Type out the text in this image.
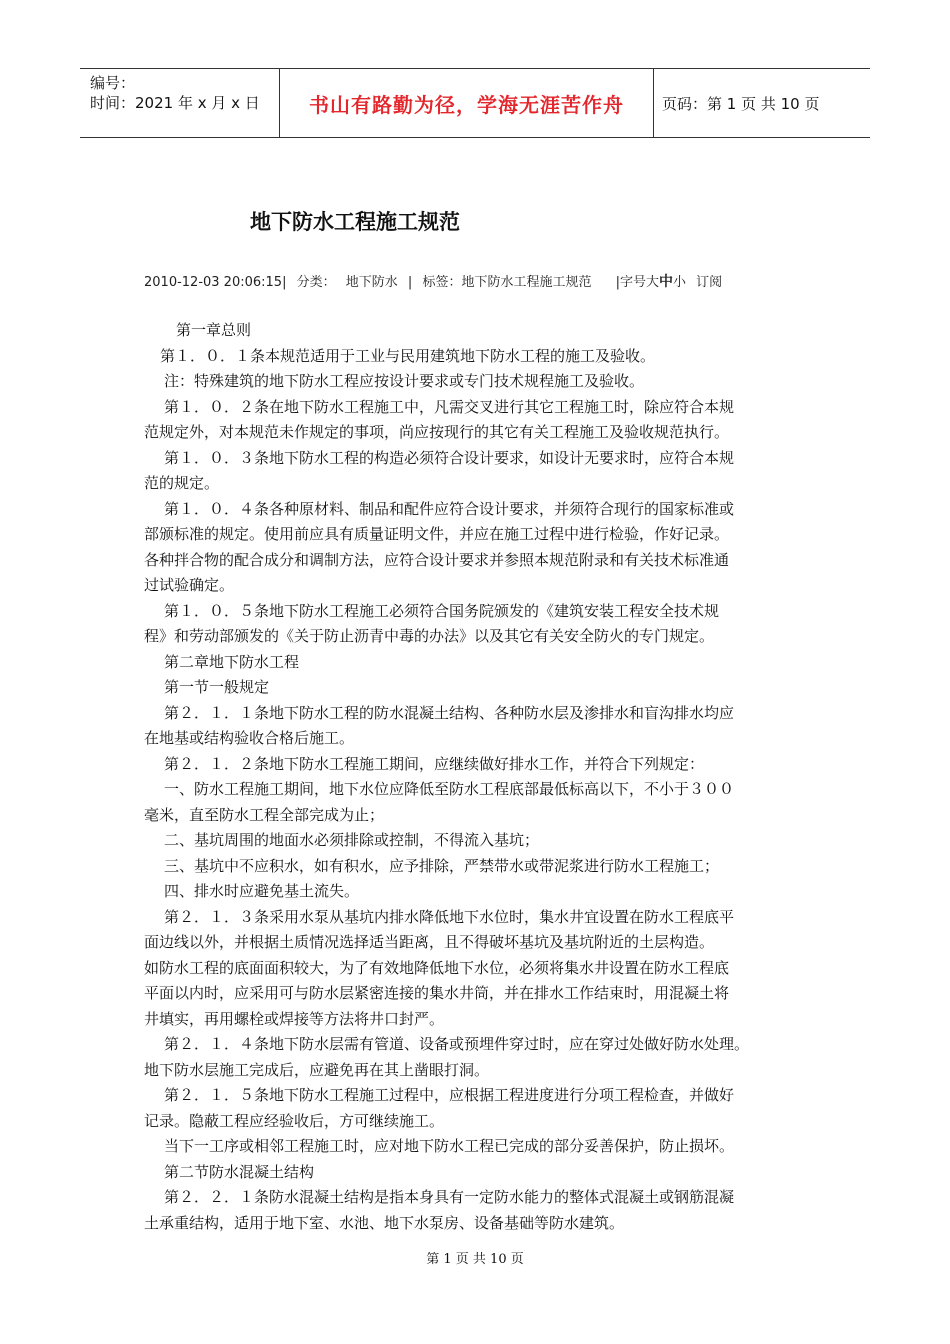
编号：
时间：2021 年 x 月 x 日	书山有路勤为径，学海无涯苦作舟	页码：第 1 页 共 10 页
地下防水工程施工规范
2010-12-03 20:06:15| 分类： 地下防水 | 标签：地下防水工程施工规范 |字号大中小 订阅
第一章总则
第１．０．１条本规范适用于工业与民用建筑地下防水工程的施工及验收。
注：特殊建筑的地下防水工程应按设计要求或专门技术规程施工及验收。
第１．０．２条在地下防水工程施工中，凡需交叉进行其它工程施工时，除应符合本规
范规定外，对本规范未作规定的事项，尚应按现行的其它有关工程施工及验收规范执行。
第１．０．３条地下防水工程的构造必须符合设计要求，如设计无要求时，应符合本规
范的规定。
第１．０．４条各种原材料、制品和配件应符合设计要求，并须符合现行的国家标准或
部颁标准的规定。使用前应具有质量证明文件，并应在施工过程中进行检验，作好记录。
各种拌合物的配合成分和调制方法，应符合设计要求并参照本规范附录和有关技术标准通
过试验确定。
第１．０．５条地下防水工程施工必须符合国务院颁发的《建筑安装工程安全技术规
程》和劳动部颁发的《关于防止沥青中毒的办法》以及其它有关安全防火的专门规定。
第二章地下防水工程
第一节一般规定
第２．１．１条地下防水工程的防水混凝土结构、各种防水层及渗排水和盲沟排水均应
在地基或结构验收合格后施工。
第２．１．２条地下防水工程施工期间，应继续做好排水工作，并符合下列规定：
一、防水工程施工期间，地下水位应降低至防水工程底部最低标高以下，不小于３００
毫米，直至防水工程全部完成为止；
二、基坑周围的地面水必须排除或控制，不得流入基坑；
三、基坑中不应积水，如有积水，应予排除，严禁带水或带泥浆进行防水工程施工；
四、排水时应避免基土流失。
第２．１．３条采用水泵从基坑内排水降低地下水位时，集水井宜设置在防水工程底平
面边线以外，并根据土质情况选择适当距离，且不得破坏基坑及基坑附近的土层构造。
如防水工程的底面面积较大，为了有效地降低地下水位，必须将集水井设置在防水工程底
平面以内时，应采用可与防水层紧密连接的集水井筒，并在排水工作结束时，用混凝土将
井填实，再用螺栓或焊接等方法将井口封严。
第２．１．４条地下防水层需有管道、设备或预埋件穿过时，应在穿过处做好防水处理。
地下防水层施工完成后，应避免再在其上凿眼打洞。
第２．１．５条地下防水工程施工过程中，应根据工程进度进行分项工程检查，并做好
记录。隐蔽工程应经验收后，方可继续施工。
当下一工序或相邻工程施工时，应对地下防水工程已完成的部分妥善保护，防止损坏。
第二节防水混凝土结构
第２．２．１条防水混凝土结构是指本身具有一定防水能力的整体式混凝土或钢筋混凝
土承重结构，适用于地下室、水池、地下水泵房、设备基础等防水建筑。
第 1 页 共 10 页
